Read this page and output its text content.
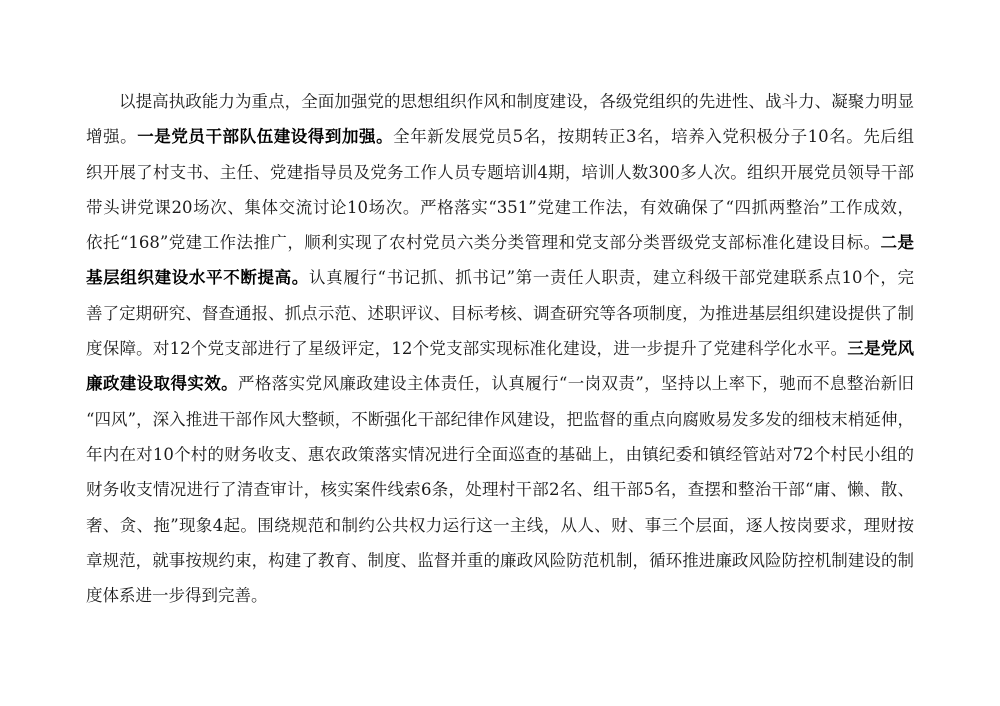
以提高执政能力为重点，全面加强党的思想组织作风和制度建设，各级党组织的先进性、战斗力、凝聚力明显
增强。一是党员干部队伍建设得到加强。全年新发展党员5名，按期转正3名，培养入党积极分子10名。先后组
织开展了村支书、主任、党建指导员及党务工作人员专题培训4期，培训人数300多人次。组织开展党员领导干部
带头讲党课20场次、集体交流讨论10场次。严格落实“351”党建工作法，有效确保了“四抓两整治”工作成效，
依托“168”党建工作法推广，顺利实现了农村党员六类分类管理和党支部分类晋级党支部标准化建设目标。二是
基层组织建设水平不断提高。认真履行“书记抓、抓书记”第一责任人职责，建立科级干部党建联系点10个，完
善了定期研究、督查通报、抓点示范、述职评议、目标考核、调查研究等各项制度，为推进基层组织建设提供了制
度保障。对12个党支部进行了星级评定，12个党支部实现标准化建设，进一步提升了党建科学化水平。三是党风
廉政建设取得实效。严格落实党风廉政建设主体责任，认真履行“一岗双责”，坚持以上率下，驰而不息整治新旧
“四风”，深入推进干部作风大整顿，不断强化干部纪律作风建设，把监督的重点向腐败易发多发的细枝末梢延伸，
年内在对10个村的财务收支、惠农政策落实情况进行全面巡查的基础上，由镇纪委和镇经管站对72个村民小组的
财务收支情况进行了清查审计，核实案件线索6条，处理村干部2名、组干部5名，查摆和整治干部“庸、懒、散、
奢、贪、拖”现象4起。围绕规范和制约公共权力运行这一主线，从人、财、事三个层面，逐人按岗要求，理财按
章规范，就事按规约束，构建了教育、制度、监督并重的廉政风险防范机制，循环推进廉政风险防控机制建设的制
度体系进一步得到完善。
